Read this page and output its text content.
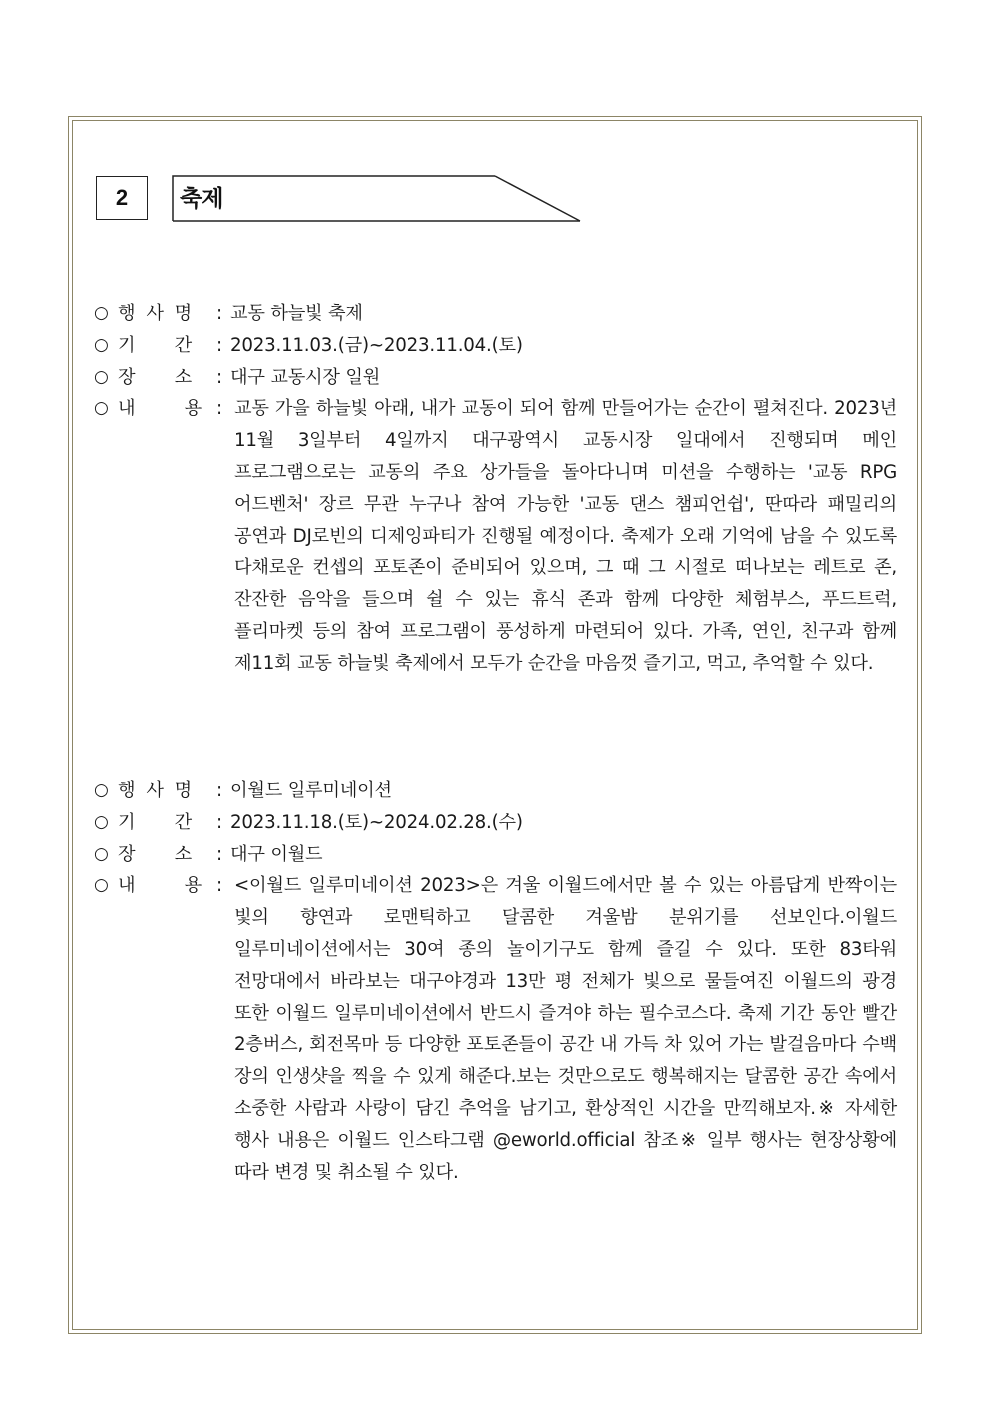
2 축제
○ 행 사 명	: 교동 하늘빛 축제
○ 기 간	: 2023.11.03.(금)~2023.11.04.(토)
○ 장 소	: 대구 교동시장 일원
○ 내	용 : 교동 가을 하늘빛 아래, 내가 교동이 되어 함께 만들어가는 순간이 펼쳐진다. 2023년 11월 3일부터 4일까지 대구광역시 교동시장 일대에서 진행되며 메인 프로그램으로는 교동의 주요 상가들을 돌아다니며 미션을 수행하는 '교동 RPG 어드벤처' 장르 무관 누구나 참여 가능한 '교동 댄스 챔피언쉽', 딴따라 패밀리의 공연과 DJ로빈의 디제잉파티가 진행될 예정이다. 축제가 오래 기억에 남을 수 있도록 다채로운 컨셉의 포토존이 준비되어 있으며, 그 때 그 시절로 떠나보는 레트로 존, 잔잔한 음악을 들으며 쉴 수 있는 휴식 존과 함께 다양한 체험부스, 푸드트럭, 플리마켓 등의 참여 프로그램이 풍성하게 마련되어 있다. 가족, 연인, 친구과 함께 제11회 교동 하늘빛 축제에서 모두가 순간을 마음껏 즐기고, 먹고, 추억할 수 있다.
○ 행 사 명	: 이월드 일루미네이션
○ 기 간	: 2023.11.18.(토)~2024.02.28.(수)
○ 장 소	: 대구 이월드
○ 내	용 : <이월드 일루미네이션 2023>은 겨울 이월드에서만 볼 수 있는 아름답게 반짝이는 빛의 향연과 로맨틱하고 달콤한 겨울밤 분위기를 선보인다.이월드 일루미네이션에서는 30여 종의 놀이기구도 함께 즐길 수 있다. 또한 83타워 전망대에서 바라보는 대구야경과 13만 평 전체가 빛으로 물들여진 이월드의 광경 또한 이월드 일루미네이션에서 반드시 즐겨야 하는 필수코스다. 축제 기간 동안 빨간 2층버스, 회전목마 등 다양한 포토존들이 공간 내 가득 차 있어 가는 발걸음마다 수백 장의 인생샷을 찍을 수 있게 해준다.보는 것만으로도 행복해지는 달콤한 공간 속에서 소중한 사람과 사랑이 담긴 추억을 남기고, 환상적인 시간을 만끽해보자.※ 자세한 행사 내용은 이월드 인스타그램 @eworld.official 참조※ 일부 행사는 현장상황에 따라 변경 및 취소될 수 있다.
